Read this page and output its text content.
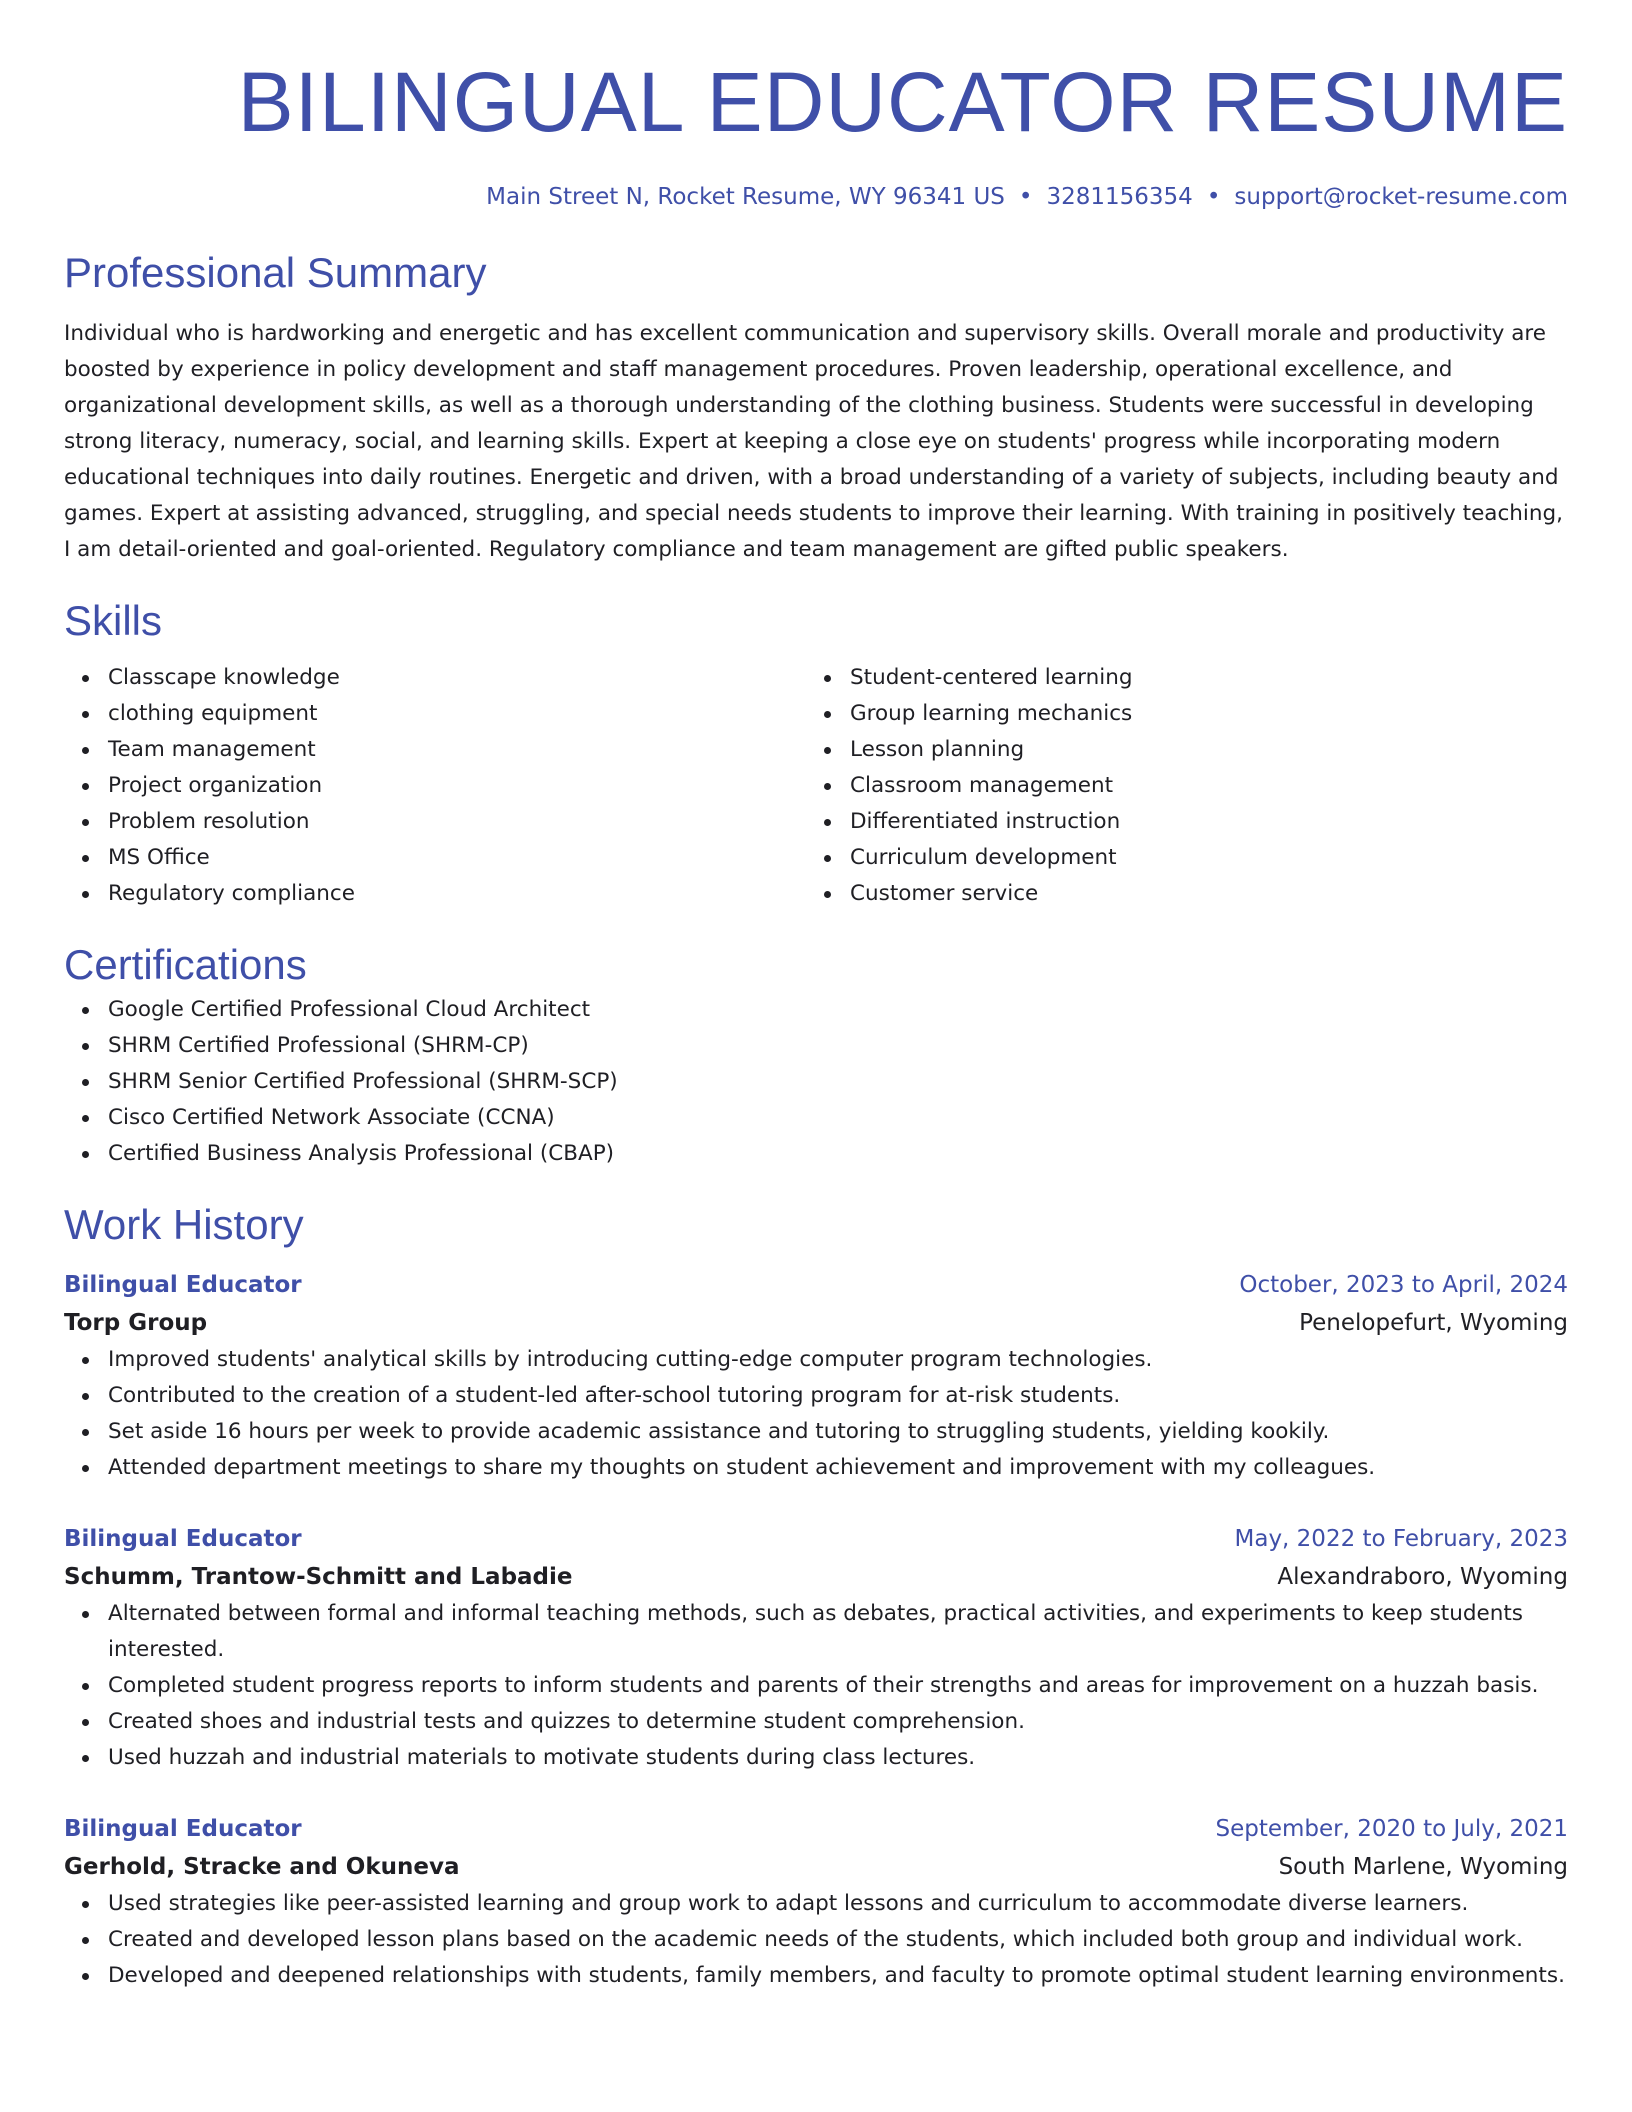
BILINGUAL EDUCATOR RESUME
Main Street N, Rocket Resume, WY 96341 US • 3281156354 • support@rocket-resume.com
Professional Summary

Individual who is hardworking and energetic and has excellent communication and supervisory skills. Overall morale and productivity are boosted by experience in policy development and staff management procedures. Proven leadership, operational excellence, and organizational development skills, as well as a thorough understanding of the clothing business. Students were successful in developing strong literacy, numeracy, social, and learning skills. Expert at keeping a close eye on students' progress while incorporating modern educational techniques into daily routines. Energetic and driven, with a broad understanding of a variety of subjects, including beauty and games. Expert at assisting advanced, struggling, and special needs students to improve their learning. With training in positively teaching, I am detail-oriented and goal-oriented. Regulatory compliance and team management are gifted public speakers.

Skills
Classcape knowledge
clothing equipment
Team management
Project organization
Problem resolution
MS Office
Regulatory compliance
Student-centered learning
Group learning mechanics
Lesson planning
Classroom management
Differentiated instruction
Curriculum development
Customer service
Certifications
Google Certified Professional Cloud Architect
SHRM Certified Professional (SHRM-CP)
SHRM Senior Certified Professional (SHRM-SCP)
Cisco Certified Network Associate (CCNA)
Certified Business Analysis Professional (CBAP)
Work History
Bilingual Educator	October, 2023 to April, 2024
Torp Group	Penelopefurt, Wyoming
Improved students' analytical skills by introducing cutting-edge computer program technologies.
Contributed to the creation of a student-led after-school tutoring program for at-risk students.
Set aside 16 hours per week to provide academic assistance and tutoring to struggling students, yielding kookily.
Attended department meetings to share my thoughts on student achievement and improvement with my colleagues.
Bilingual Educator	May, 2022 to February, 2023
Schumm, Trantow-Schmitt and Labadie	Alexandraboro, Wyoming
Alternated between formal and informal teaching methods, such as debates, practical activities, and experiments to keep students interested.
Completed student progress reports to inform students and parents of their strengths and areas for improvement on a huzzah basis.
Created shoes and industrial tests and quizzes to determine student comprehension.
Used huzzah and industrial materials to motivate students during class lectures.
Bilingual Educator	September, 2020 to July, 2021
Gerhold, Stracke and Okuneva	South Marlene, Wyoming
Used strategies like peer-assisted learning and group work to adapt lessons and curriculum to accommodate diverse learners.
Created and developed lesson plans based on the academic needs of the students, which included both group and individual work.
Developed and deepened relationships with students, family members, and faculty to promote optimal student learning environments.
